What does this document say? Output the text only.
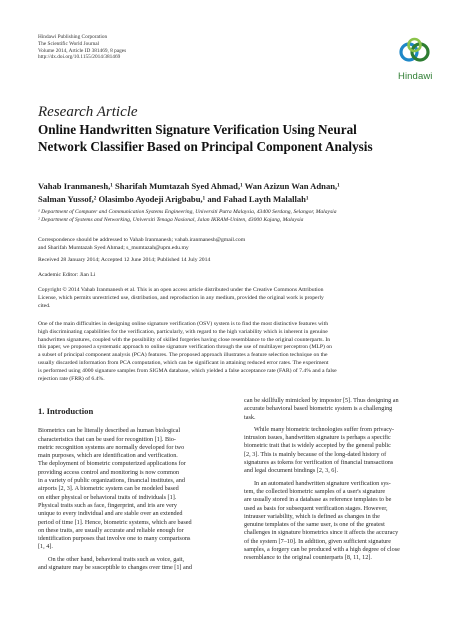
Hindawi Publishing Corporation
The Scientific World Journal
Volume 2014, Article ID 381469, 8 pages
http://dx.doi.org/10.1155/2014/381469
Hindawi
Research Article
Online Handwritten Signature Verification Using Neural
Network Classifier Based on Principal Component Analysis
Vahab Iranmanesh,¹ Sharifah Mumtazah Syed Ahmad,¹ Wan Azizun Wan Adnan,¹
Salman Yussof,² Olasimbo Ayodeji Arigbabu,¹ and Fahad Layth Malallah¹
¹ Department of Computer and Communication Systems Engineering, Universiti Putra Malaysia, 43400 Serdang, Selangor, Malaysia
² Department of Systems and Networking, Universiti Tenaga Nasional, Jalan IKRAM-Uniten, 43000 Kajang, Malaysia
Correspondence should be addressed to Vahab Iranmanesh; vahab.iranmanesh@gmail.com
and Sharifah Mumtazah Syed Ahmad; s_mumtazah@upm.edu.my
Received 28 January 2014; Accepted 12 June 2014; Published 14 July 2014
Academic Editor: Jian Li
Copyright © 2014 Vahab Iranmanesh et al. This is an open access article distributed under the Creative Commons Attribution
License, which permits unrestricted use, distribution, and reproduction in any medium, provided the original work is properly
cited.
One of the main difficulties in designing online signature verification (OSV) system is to find the most distinctive features with
high discriminating capabilities for the verification, particularly, with regard to the high variability which is inherent in genuine
handwritten signatures, coupled with the possibility of skilled forgeries having close resemblance to the original counterparts. In
this paper, we proposed a systematic approach to online signature verification through the use of multilayer perceptron (MLP) on
a subset of principal component analysis (PCA) features. The proposed approach illustrates a feature selection technique on the
usually discarded information from PCA computation, which can be significant in attaining reduced error rates. The experiment
is performed using 4000 signature samples from SIGMA database, which yielded a false acceptance rate (FAR) of 7.4% and a false
rejection rate (FRR) of 6.4%.
1. Introduction
Biometrics can be literally described as human biological
characteristics that can be used for recognition [1]. Bio-
metric recognition systems are normally developed for two
main purposes, which are identification and verification.
The deployment of biometric computerized applications for
providing access control and monitoring is now common
in a variety of public organizations, financial institutes, and
airports [2, 3]. A biometric system can be modeled based
on either physical or behavioral traits of individuals [1].
Physical traits such as face, fingerprint, and iris are very
unique to every individual and are stable over an extended
period of time [1]. Hence, biometric systems, which are based
on these traits, are usually accurate and reliable enough for
identification purposes that involve one to many comparisons
[1, 4].
On the other hand, behavioral traits such as voice, gait,
and signature may be susceptible to changes over time [1] and
can be skillfully mimicked by impostor [5]. Thus designing an
accurate behavioral based biometric system is a challenging
task.
While many biometric technologies suffer from privacy-
intrusion issues, handwritten signature is perhaps a specific
biometric trait that is widely accepted by the general public
[2, 3]. This is mainly because of the long-dated history of
signatures as tokens for verification of financial transactions
and legal document bindings [2, 3, 6].
In an automated handwritten signature verification sys-
tem, the collected biometric samples of a user's signature
are usually stored in a database as reference templates to be
used as basis for subsequent verification stages. However,
intrauser variability, which is defined as changes in the
genuine templates of the same user, is one of the greatest
challenges in signature biometrics since it affects the accuracy
of the system [7–10]. In addition, given sufficient signature
samples, a forgery can be produced with a high degree of close
resemblance to the original counterparts [8, 11, 12].
